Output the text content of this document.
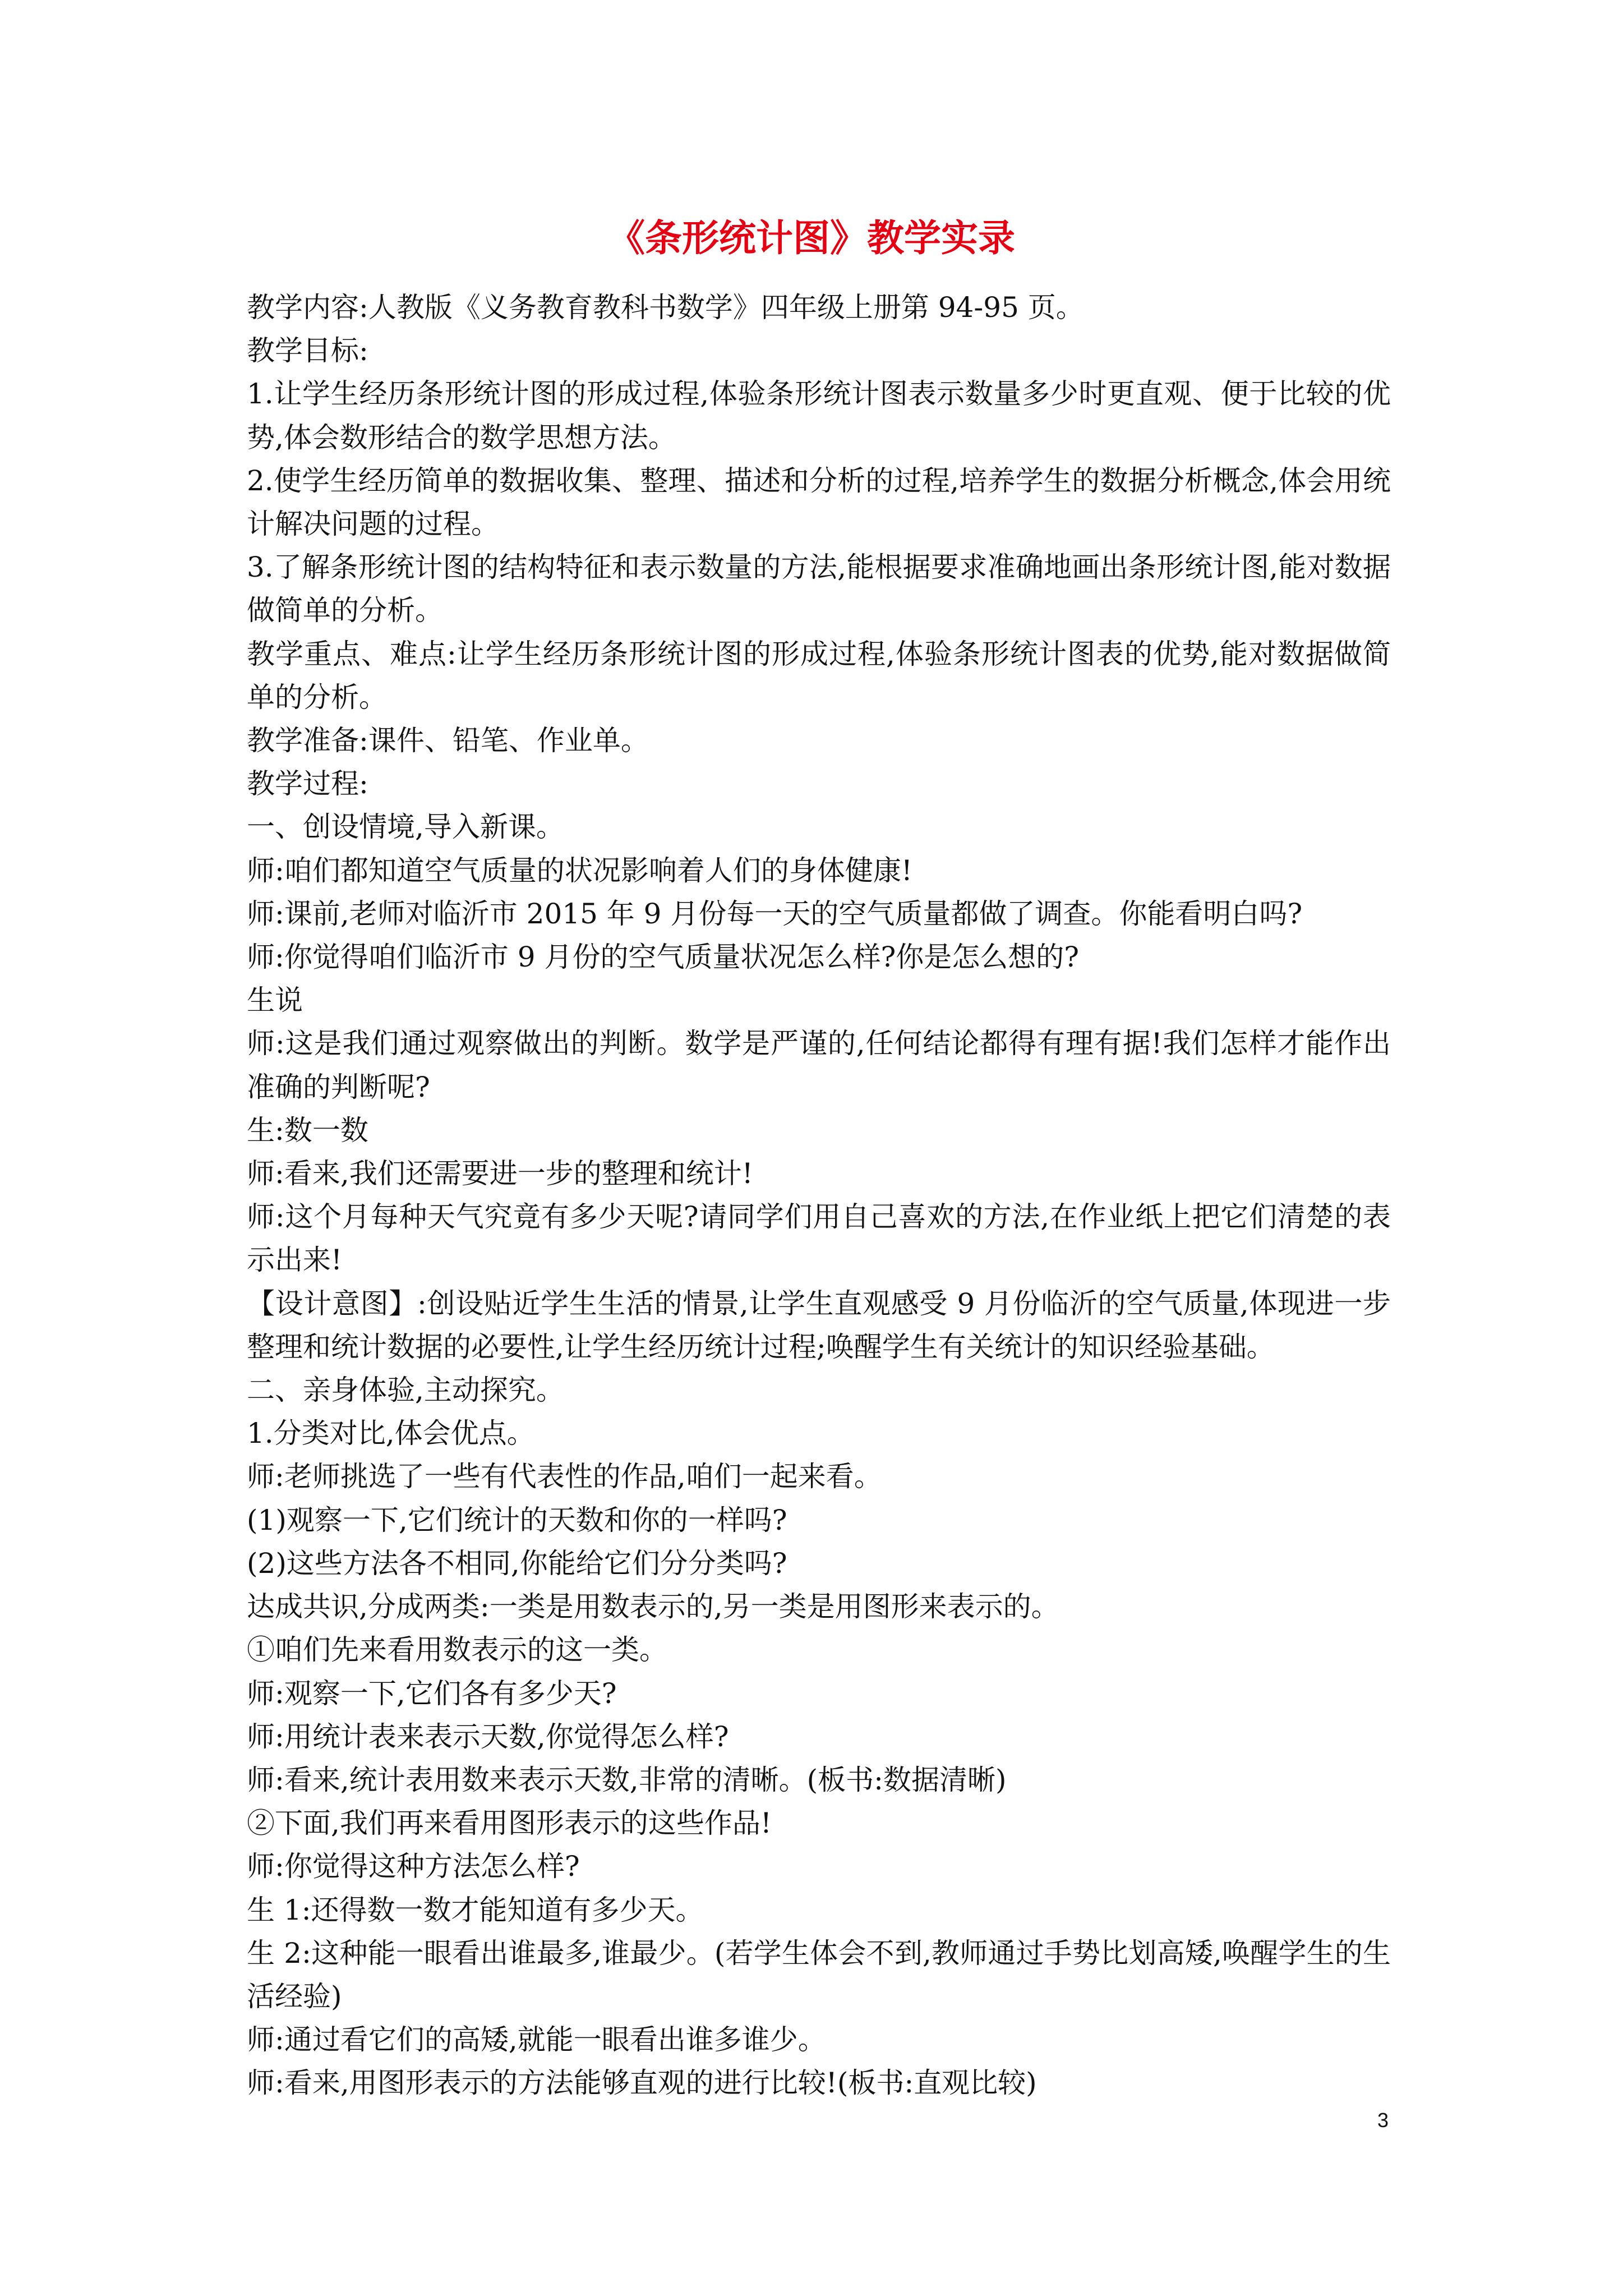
《条形统计图》教学实录

教学内容:人教版《义务教育教科书数学》四年级上册第 94-95 页。

教学目标:

1.让学生经历条形统计图的形成过程,体验条形统计图表示数量多少时更直观、便于比较的优势,体会数形结合的数学思想方法。

2.使学生经历简单的数据收集、整理、描述和分析的过程,培养学生的数据分析概念,体会用统计解决问题的过程。

3.了解条形统计图的结构特征和表示数量的方法,能根据要求准确地画出条形统计图,能对数据做简单的分析。

教学重点、难点:让学生经历条形统计图的形成过程,体验条形统计图表的优势,能对数据做简单的分析。

教学准备:课件、铅笔、作业单。

教学过程:

一、创设情境,导入新课。

师:咱们都知道空气质量的状况影响着人们的身体健康!

师:课前,老师对临沂市 2015 年 9 月份每一天的空气质量都做了调查。你能看明白吗?

师:你觉得咱们临沂市 9 月份的空气质量状况怎么样?你是怎么想的?

生说

师:这是我们通过观察做出的判断。数学是严谨的,任何结论都得有理有据!我们怎样才能作出准确的判断呢?

生:数一数

师:看来,我们还需要进一步的整理和统计!

师:这个月每种天气究竟有多少天呢?请同学们用自己喜欢的方法,在作业纸上把它们清楚的表示出来!

【设计意图】:创设贴近学生生活的情景,让学生直观感受 9 月份临沂的空气质量,体现进一步整理和统计数据的必要性,让学生经历统计过程;唤醒学生有关统计的知识经验基础。

二、亲身体验,主动探究。

1.分类对比,体会优点。

师:老师挑选了一些有代表性的作品,咱们一起来看。

(1)观察一下,它们统计的天数和你的一样吗?

(2)这些方法各不相同,你能给它们分分类吗?

达成共识,分成两类:一类是用数表示的,另一类是用图形来表示的。

①咱们先来看用数表示的这一类。

师:观察一下,它们各有多少天?

师:用统计表来表示天数,你觉得怎么样?

师:看来,统计表用数来表示天数,非常的清晰。(板书:数据清晰)

②下面,我们再来看用图形表示的这些作品!

师:你觉得这种方法怎么样?

生 1:还得数一数才能知道有多少天。

生 2:这种能一眼看出谁最多,谁最少。(若学生体会不到,教师通过手势比划高矮,唤醒学生的生活经验)

师:通过看它们的高矮,就能一眼看出谁多谁少。

师:看来,用图形表示的方法能够直观的进行比较!(板书:直观比较)

3
